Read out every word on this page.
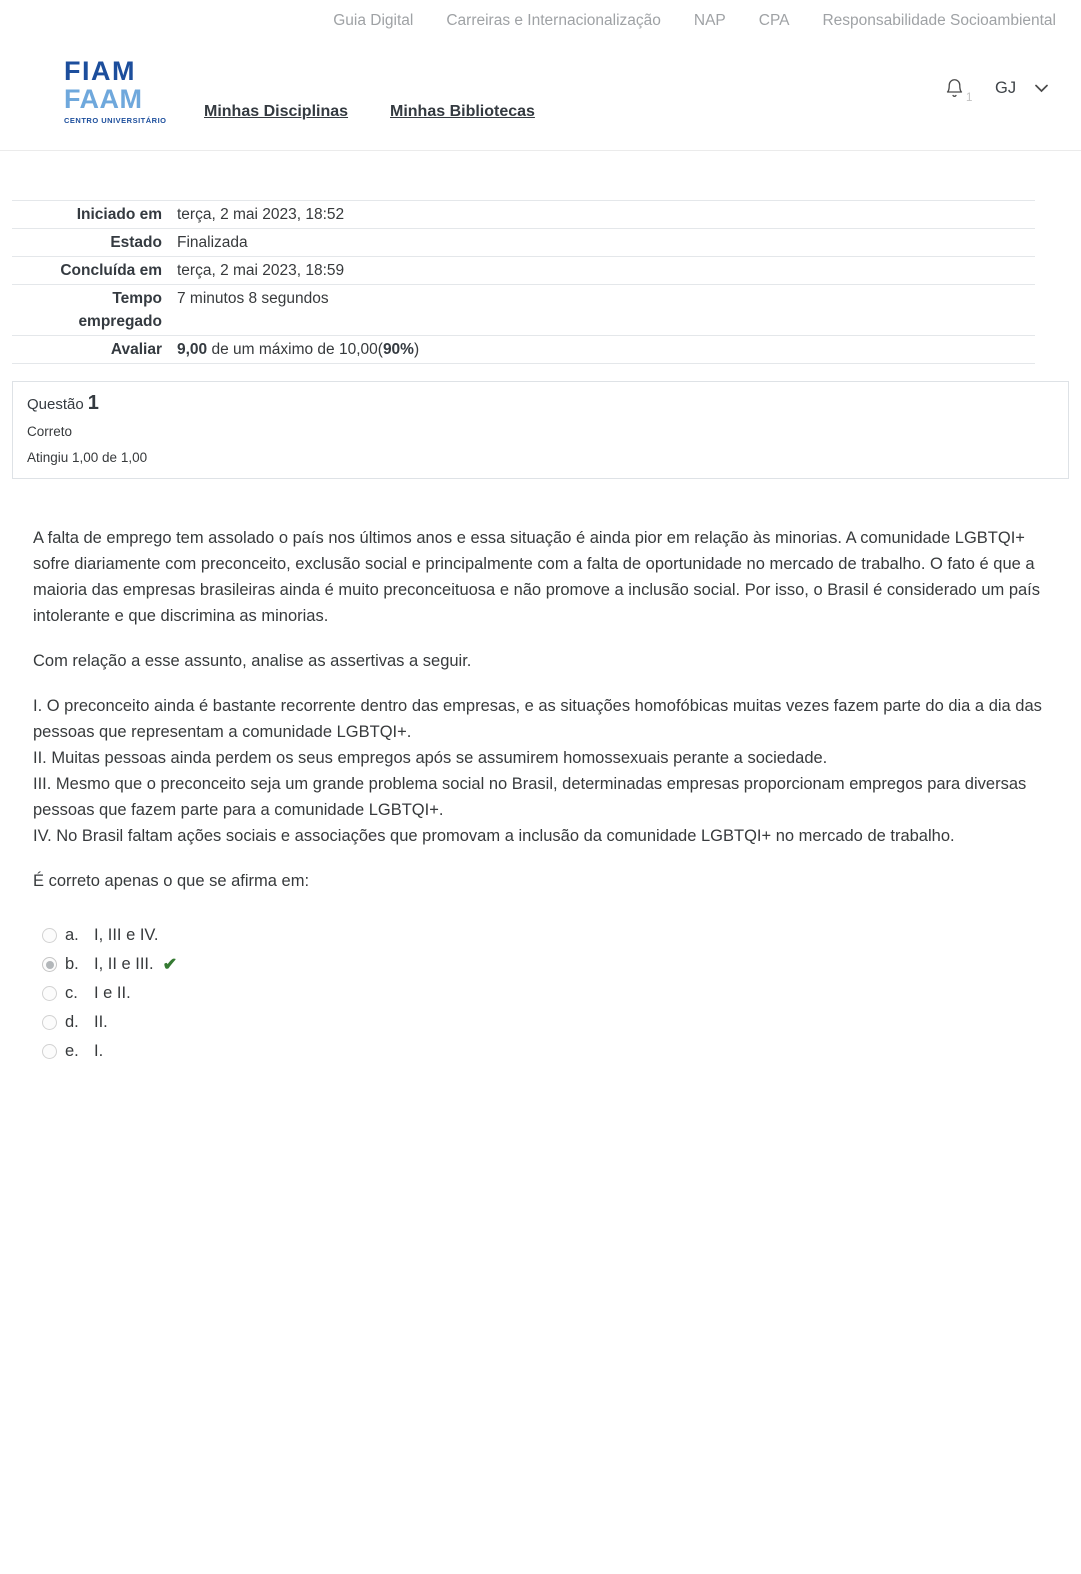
Guia Digital Carreiras e Internacionalização NAP CPA Responsabilidade Socioambiental
FIAM
FAAM
CENTRO UNIVERSITÁRIO
Minhas Disciplinas	Minhas Bibliotecas
1
GJ
Iniciado em terça, 2 mai 2023, 18:52
Estado Finalizada
Concluída em terça, 2 mai 2023, 18:59
Tempo empregado
7 minutos 8 segundos
Avaliar 9,00 de um máximo de 10,00(90%)
Questão 1
Correto
Atingiu 1,00 de 1,00

A falta de emprego tem assolado o país nos últimos anos e essa situação é ainda pior em relação às minorias. A comunidade LGBTQI+ sofre diariamente com preconceito, exclusão social e principalmente com a falta de oportunidade no mercado de trabalho. O fato é que a maioria das empresas brasileiras ainda é muito preconceituosa e não promove a inclusão social. Por isso, o Brasil é considerado um país intolerante e que discrimina as minorias.

Com relação a esse assunto, analise as assertivas a seguir.

I. O preconceito ainda é bastante recorrente dentro das empresas, e as situações homofóbicas muitas vezes fazem parte do dia a dia das pessoas que representam a comunidade LGBTQI+.
II. Muitas pessoas ainda perdem os seus empregos após se assumirem homossexuais perante a sociedade.
III. Mesmo que o preconceito seja um grande problema social no Brasil, determinadas empresas proporcionam empregos para diversas pessoas que fazem parte para a comunidade LGBTQI+.
IV. No Brasil faltam ações sociais e associações que promovam a inclusão da comunidade LGBTQI+ no mercado de trabalho.

É correto apenas o que se afirma em:

a. I, III e IV.
b. I, II e III. ✔
c. I e II.
d. II.
e. I.
